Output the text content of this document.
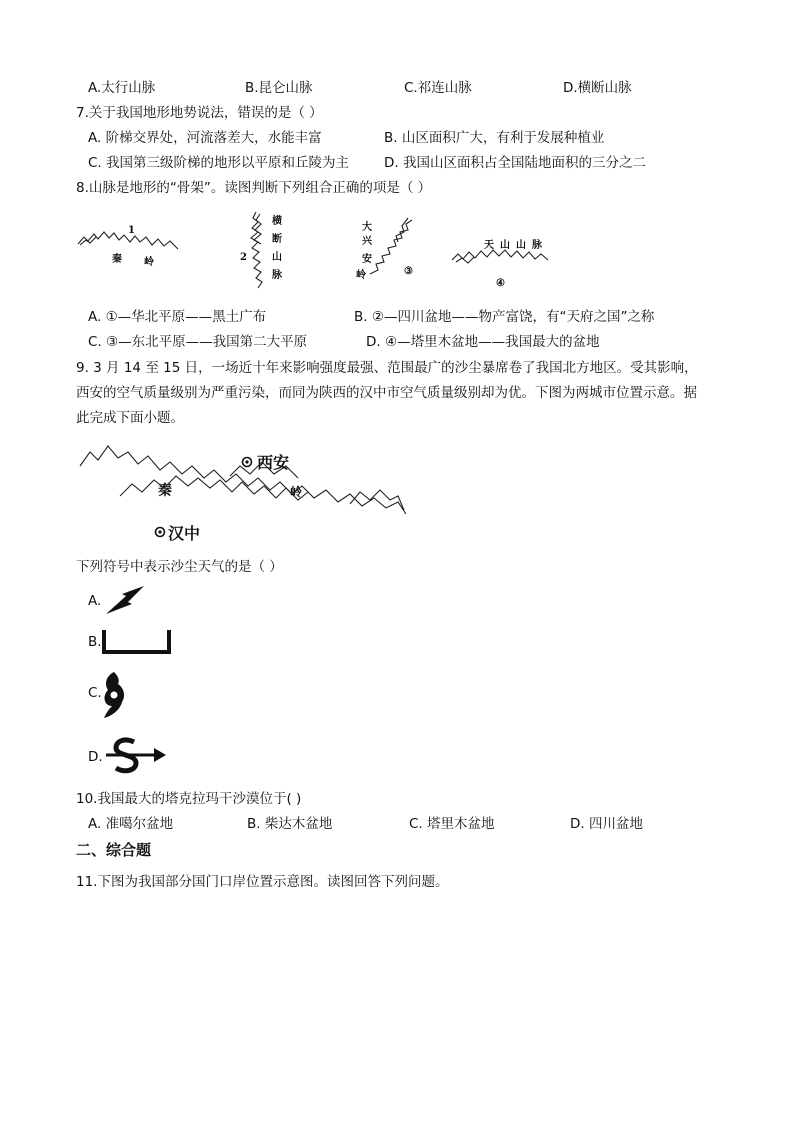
A.太行山脉	B.昆仑山脉	C.祁连山脉	D.横断山脉
7.关于我国地形地势说法，错误的是（ ）
A. 阶梯交界处，河流落差大，水能丰富	B. 山区面积广大，有利于发展种植业
C. 我国第三级阶梯的地形以平原和丘陵为主	D. 我国山区面积占全国陆地面积的三分之二
8.山脉是地形的“骨架”。读图判断下列组合正确的项是（ ）
1
秦 岭	2
横
断
山
脉
大
兴
安
岭	③
天 山 山 脉
④
A. ①—华北平原——黑土广布	B. ②—四川盆地——物产富饶，有“天府之国”之称
C. ③—东北平原——我国第二大平原	D. ④—塔里木盆地——我国最大的盆地
9. 3 月 14 至 15 日，一场近十年来影响强度最强、范围最广的沙尘暴席卷了我国北方地区。受其影响，
西安的空气质量级别为严重污染，而同为陕西的汉中市空气质量级别却为优。下图为两城市位置示意。据
此完成下面小题。
西安
秦	岭
汉中
下列符号中表示沙尘天气的是（ ）
A.
B.
C.
D.
10.我国最大的塔克拉玛干沙漠位于( )
A. 准噶尔盆地	B. 柴达木盆地	C. 塔里木盆地	D. 四川盆地
二、综合题
11.下图为我国部分国门口岸位置示意图。读图回答下列问题。
